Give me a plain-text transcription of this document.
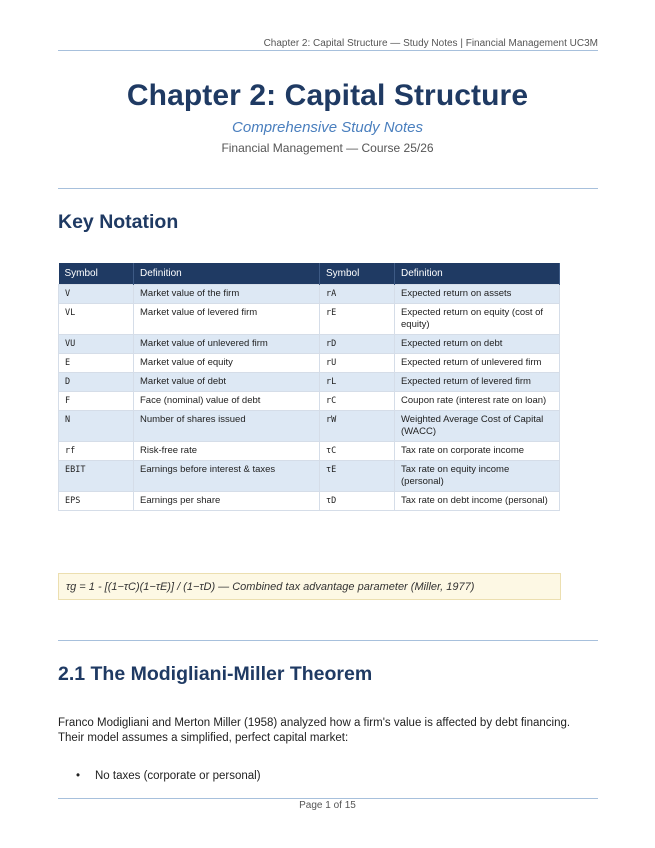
Chapter 2: Capital Structure — Study Notes | Financial Management UC3M
Chapter 2: Capital Structure
Comprehensive Study Notes
Financial Management — Course 25/26
Key Notation
Symbol	Definition	Symbol	Definition
V	Market value of the firm	rA	Expected return on assets
VL	Market value of levered firm	rE	Expected return on equity (cost of equity)
VU	Market value of unlevered firm	rD	Expected return on debt
E	Market value of equity	rU	Expected return of unlevered firm
D	Market value of debt	rL	Expected return of levered firm
F	Face (nominal) value of debt	rC	Coupon rate (interest rate on loan)
N	Number of shares issued	rW	Weighted Average Cost of Capital (WACC)
rf	Risk-free rate	τC	Tax rate on corporate income
EBIT	Earnings before interest & taxes	τE	Tax rate on equity income (personal)
EPS	Earnings per share	τD	Tax rate on debt income (personal)
τg = 1 - [(1−τC)(1−τE)] / (1−τD) — Combined tax advantage parameter (Miller, 1977)
2.1 The Modigliani-Miller Theorem
Franco Modigliani and Merton Miller (1958) analyzed how a firm's value is affected by debt financing. Their model assumes a simplified, perfect capital market:
• No taxes (corporate or personal)
Page 1 of 15
